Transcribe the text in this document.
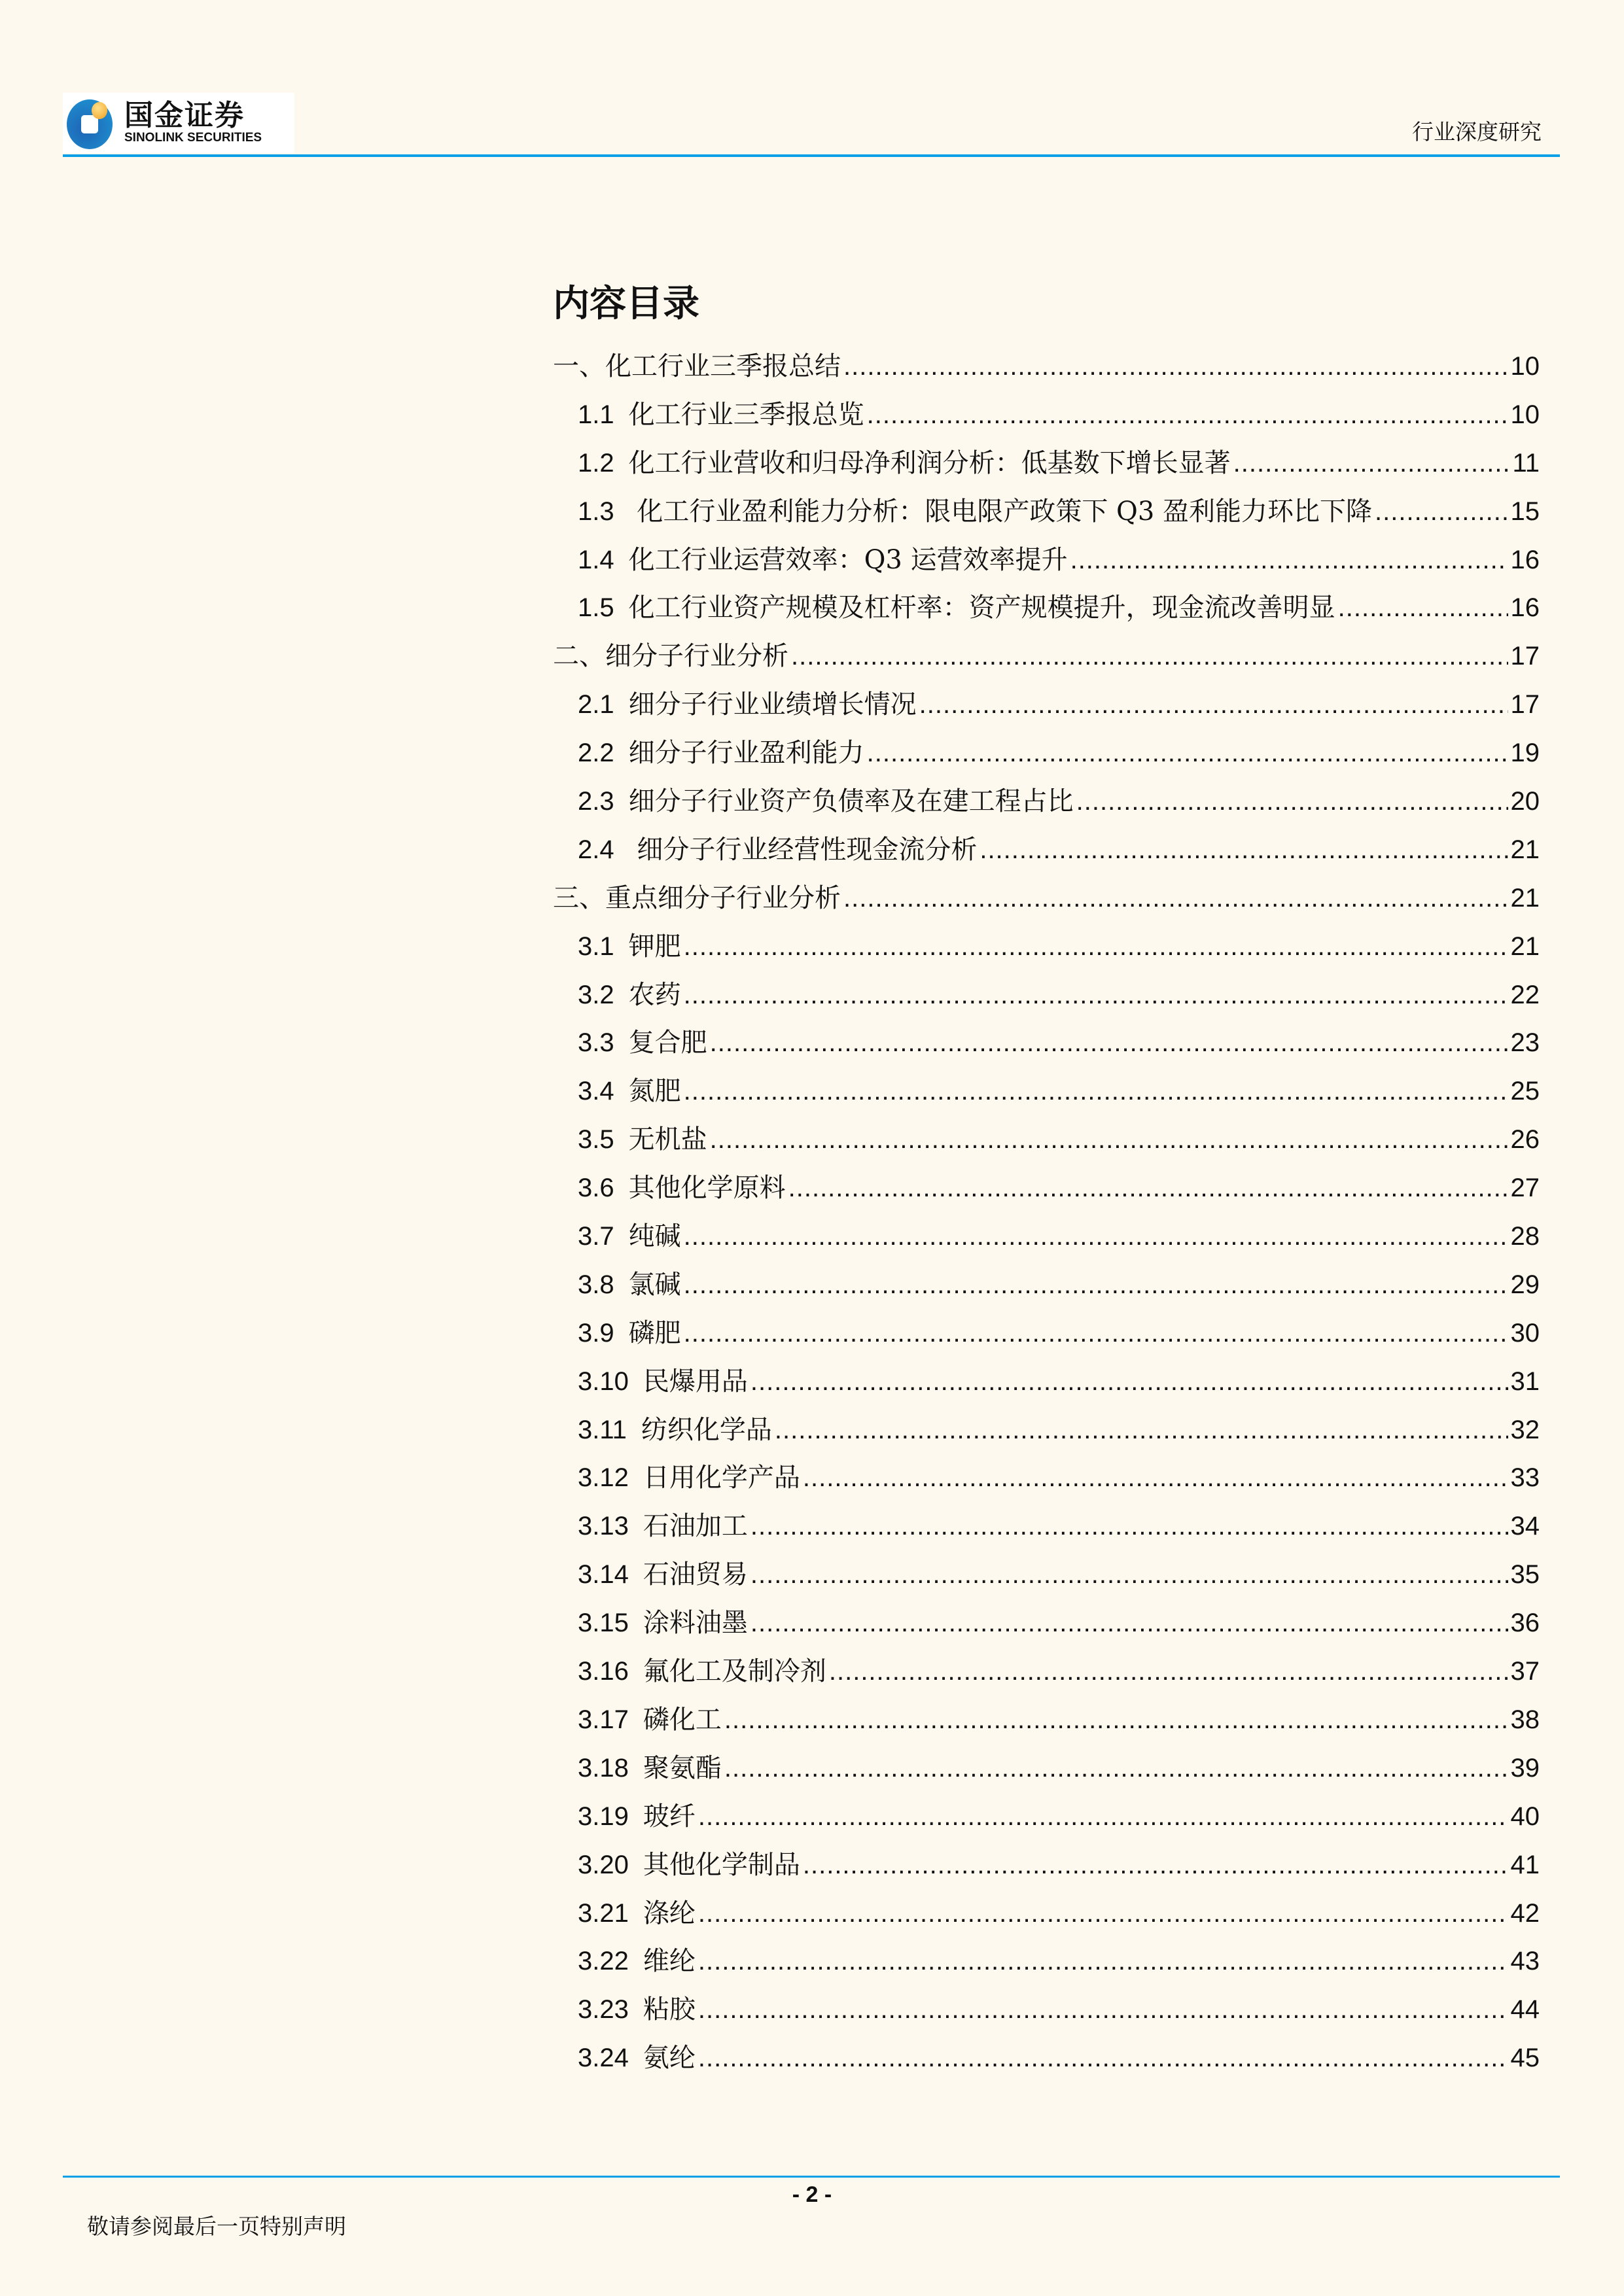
国金证券
SINOLINK SECURITIES	行业深度研究
内容目录
一、化工行业三季报总结 .....	10
1.1 化工行业三季报总览 .....	10
1.2 化工行业营收和归母净利润分析：低基数下增长显著 .....	11
1.3 化工行业盈利能力分析：限电限产政策下 Q3 盈利能力环比下降 .....	15
1.4 化工行业运营效率：Q3 运营效率提升 .....	16
1.5 化工行业资产规模及杠杆率：资产规模提升，现金流改善明显 .....	16
二、细分子行业分析 .....	17
2.1 细分子行业业绩增长情况 .....	17
2.2 细分子行业盈利能力 .....	19
2.3 细分子行业资产负债率及在建工程占比 .....	20
2.4 细分子行业经营性现金流分析 .....	21
三、重点细分子行业分析 .....	21
3.1 钾肥 .....	21
3.2 农药 .....	22
3.3 复合肥 .....	23
3.4 氮肥 .....	25
3.5 无机盐 .....	26
3.6 其他化学原料 .....	27
3.7 纯碱 .....	28
3.8 氯碱 .....	29
3.9 磷肥 .....	30
3.10 民爆用品 .....	31
3.11 纺织化学品 .....	32
3.12 日用化学产品 .....	33
3.13 石油加工 .....	34
3.14 石油贸易 .....	35
3.15 涂料油墨 .....	36
3.16 氟化工及制冷剂 .....	37
3.17 磷化工 .....	38
3.18 聚氨酯 .....	39
3.19 玻纤 .....	40
3.20 其他化学制品 .....	41
3.21 涤纶 .....	42
3.22 维纶 .....	43
3.23 粘胶 .....	44
3.24 氨纶 .....	45
- 2 -
敬请参阅最后一页特别声明
